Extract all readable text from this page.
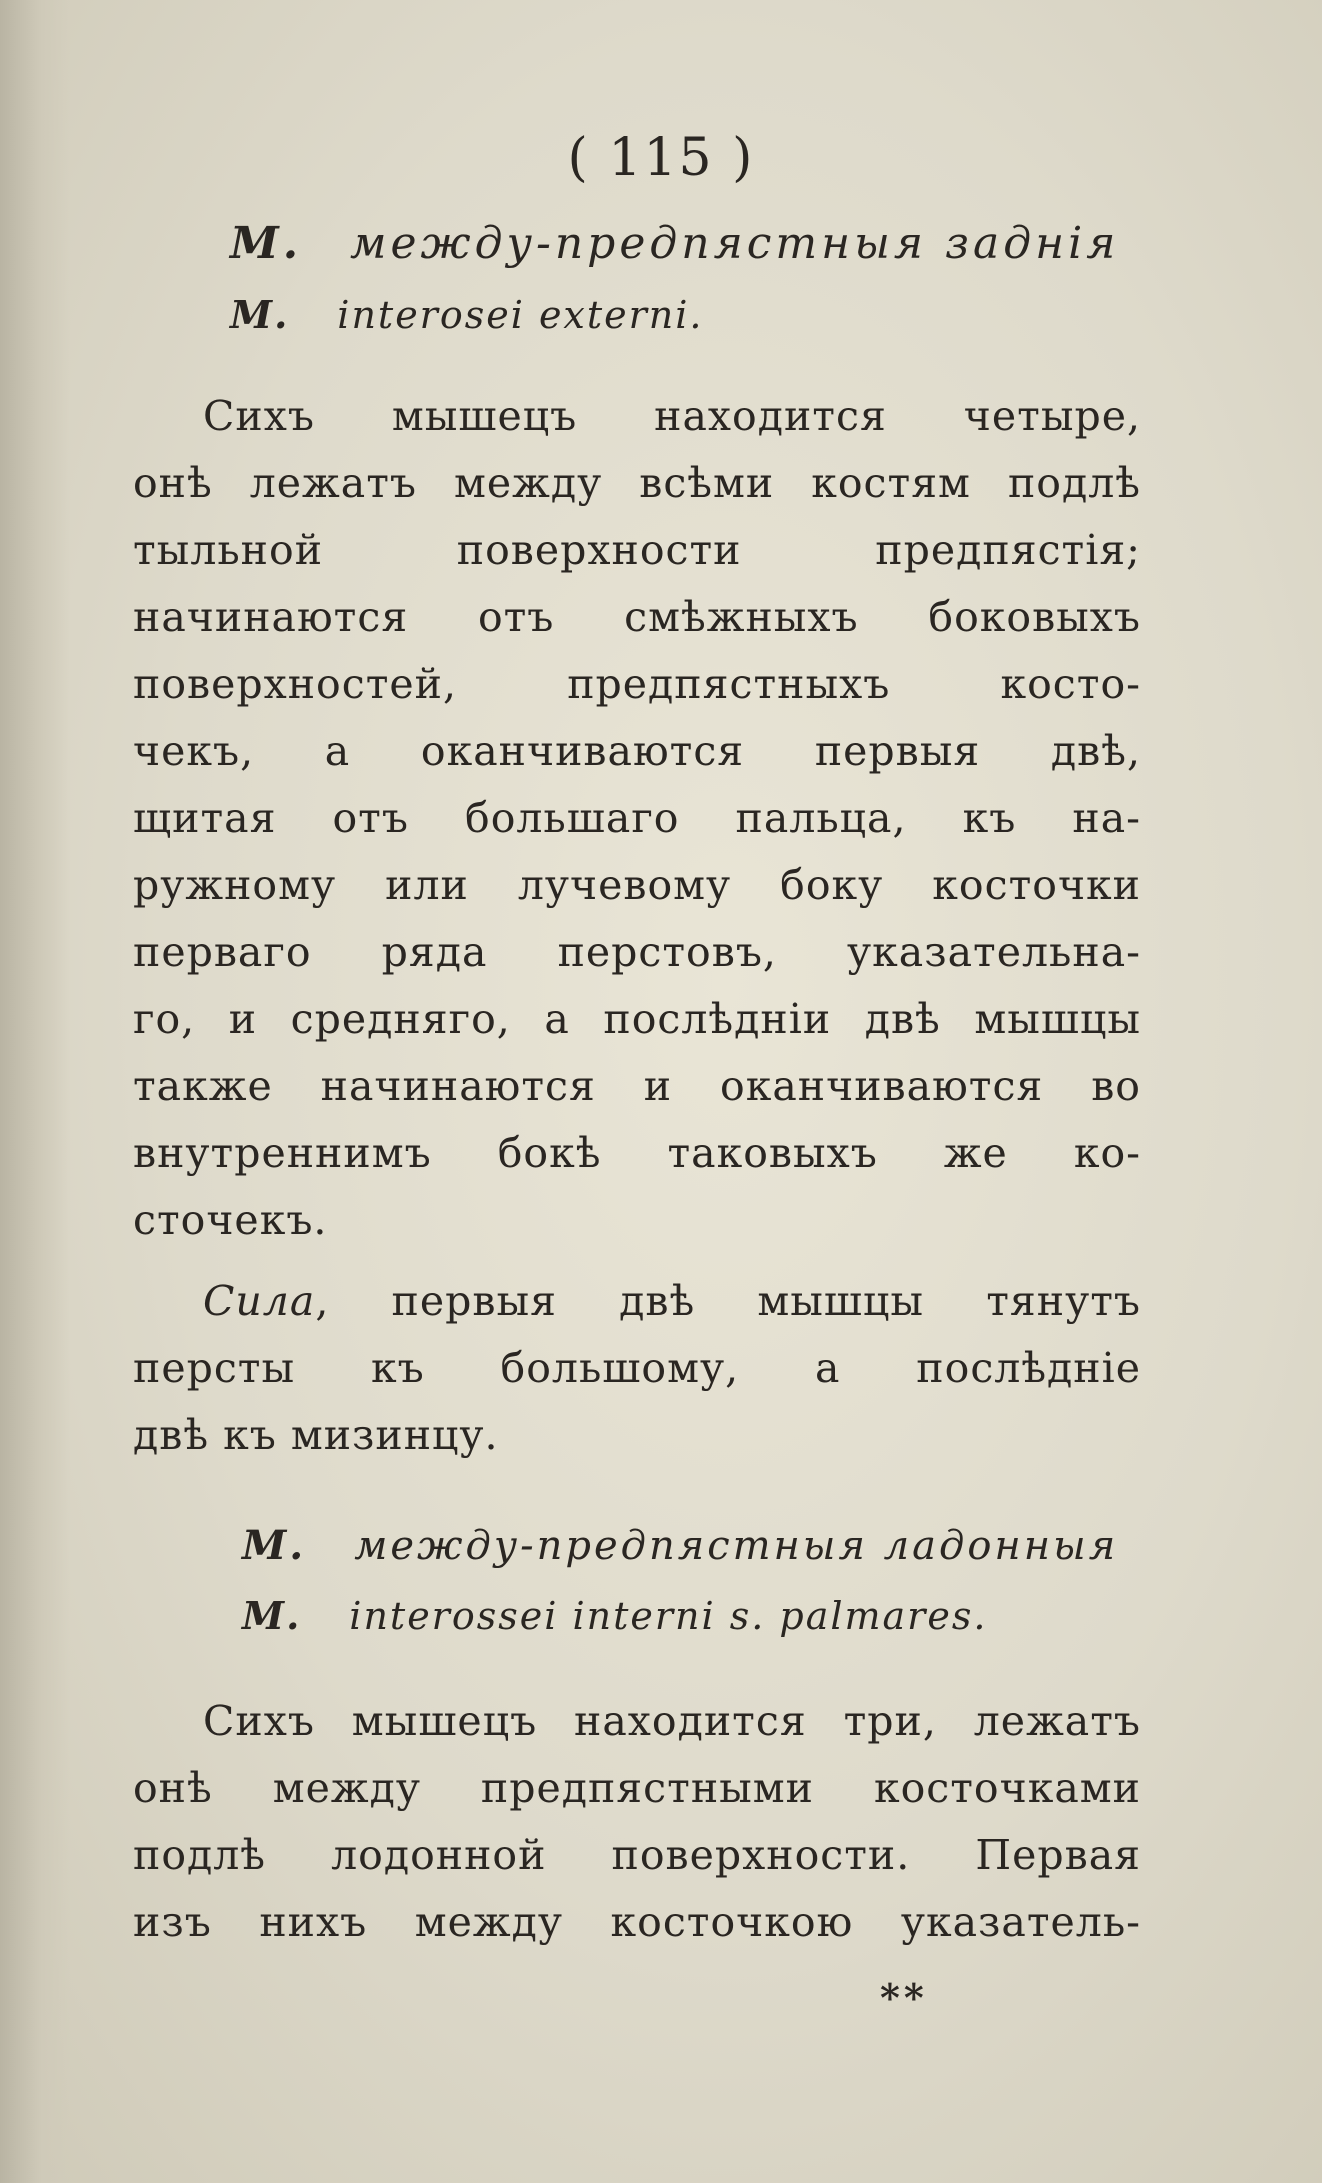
( 115 )
M. между-предпястныя заднія
M. interosei externi.
Сихъ мышецъ находится четыре,
онѣ лежатъ между всѣми костям подлѣ
тыльной поверхности предпястія;
начинаются отъ смѣжныхъ боковыхъ
поверхностей, предпястныхъ косто-
чекъ, а оканчиваются первыя двѣ,
щитая отъ большаго пальца, къ на-
ружному или лучевому боку косточки
перваго ряда перстовъ, указательна-
го, и средняго, а послѣдніи двѣ мышцы
также начинаются и оканчиваются во
внутреннимъ бокѣ таковыхъ же ко-
сточекъ.
Сила, первыя двѣ мышцы тянутъ
персты къ большому, а послѣдніе
двѣ къ мизинцу.
M. между-предпястныя ладонныя
M. interossei interni s. palmares.
Сихъ мышецъ находится три, лежатъ
онѣ между предпястными косточками
подлѣ лодонной поверхности. Первая
изъ нихъ между косточкою указатель-
**
